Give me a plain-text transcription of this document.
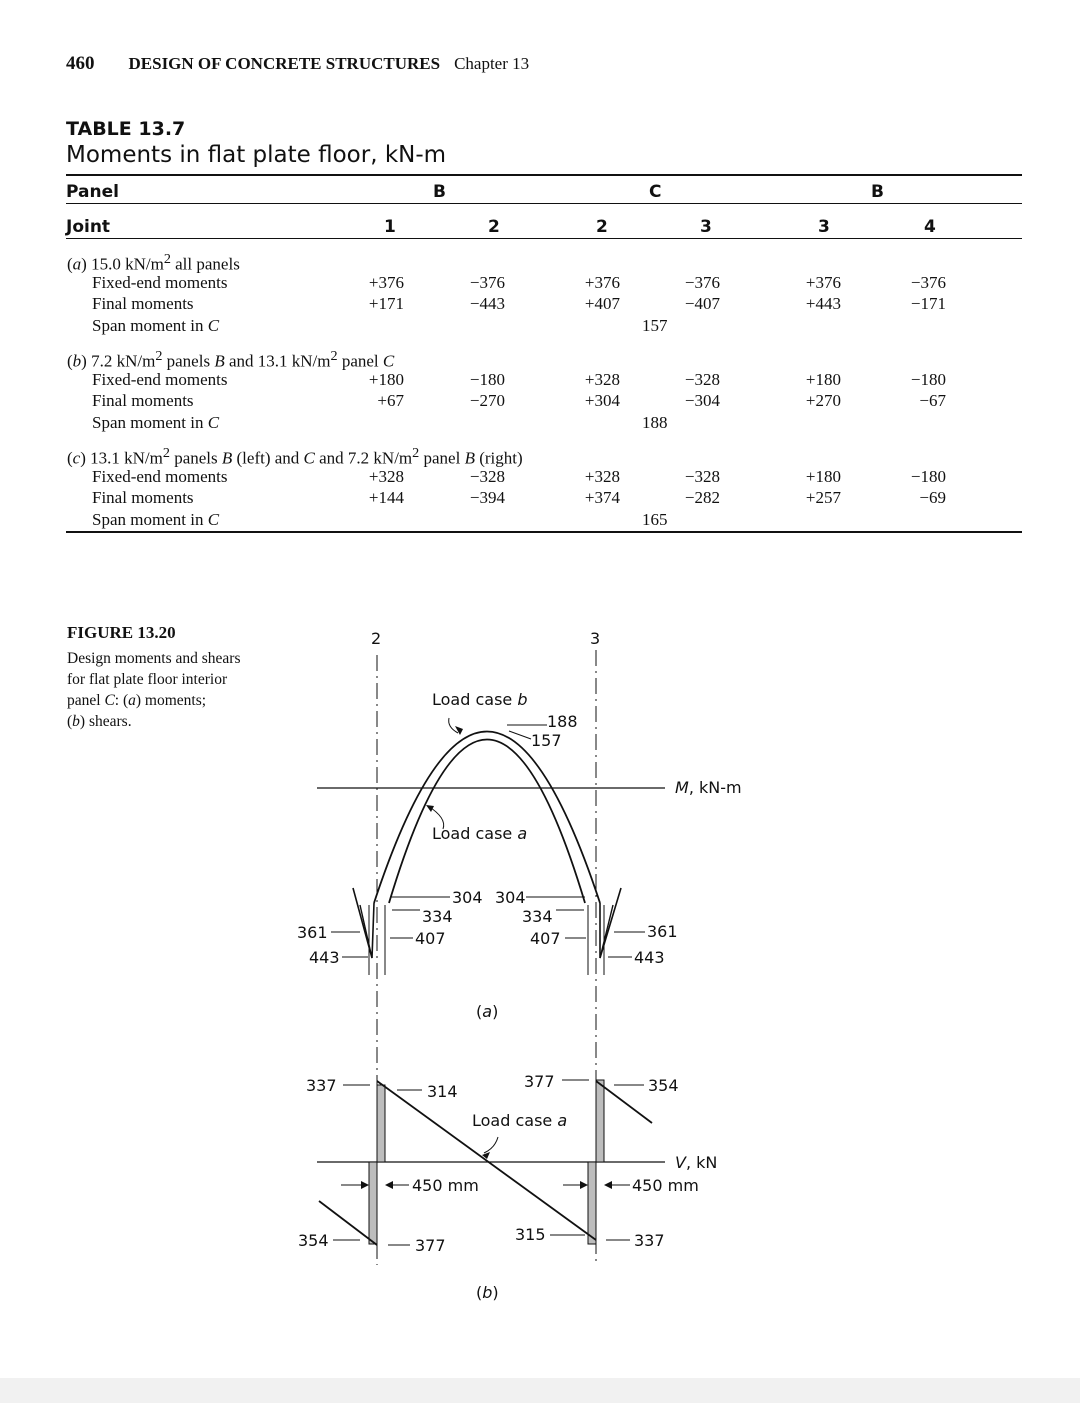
460 DESIGN OF CONCRETE STRUCTURES Chapter 13
TABLE 13.7
Moments in flat plate floor, kN-m
Panel	B	C	B
Joint	1	2	2	3	3	4
(a) 15.0 $kN/m^2$ all panels
Fixed-end moments	+376	−376	+376	−376	+376	−376
Final moments	+171	−443	+407	−407	+443	−171
Span moment in C	157
(b) 7.2 $kN/m^2$ panels B and 13.1 $kN/m^2$ panel C
Fixed-end moments	+180	−180	+328	−328	+180	−180
Final moments	+67	−270	+304	−304	+270	−67
Span moment in C	188
(c) 13.1 $kN/m^2$ panels B (left) and C and 7.2 $kN/m^2$ panel B (right)
Fixed-end moments	+328	−328	+328	−328	+180	−180
Final moments	+144	−394	+374	−282	+257	−69
Span moment in C	165
FIGURE 13.20
Design moments and shears
for flat plate floor interior
panel C: (a) moments;
(b) shears.
2	3
Load case b
188
157
M, kN-m
Load case a
304 304
334	334
407	407
361	361
443	443
(a)
337	314
377	354
Load case a
V, kN
450 mm	450 mm
354	377
315	337
(b)
